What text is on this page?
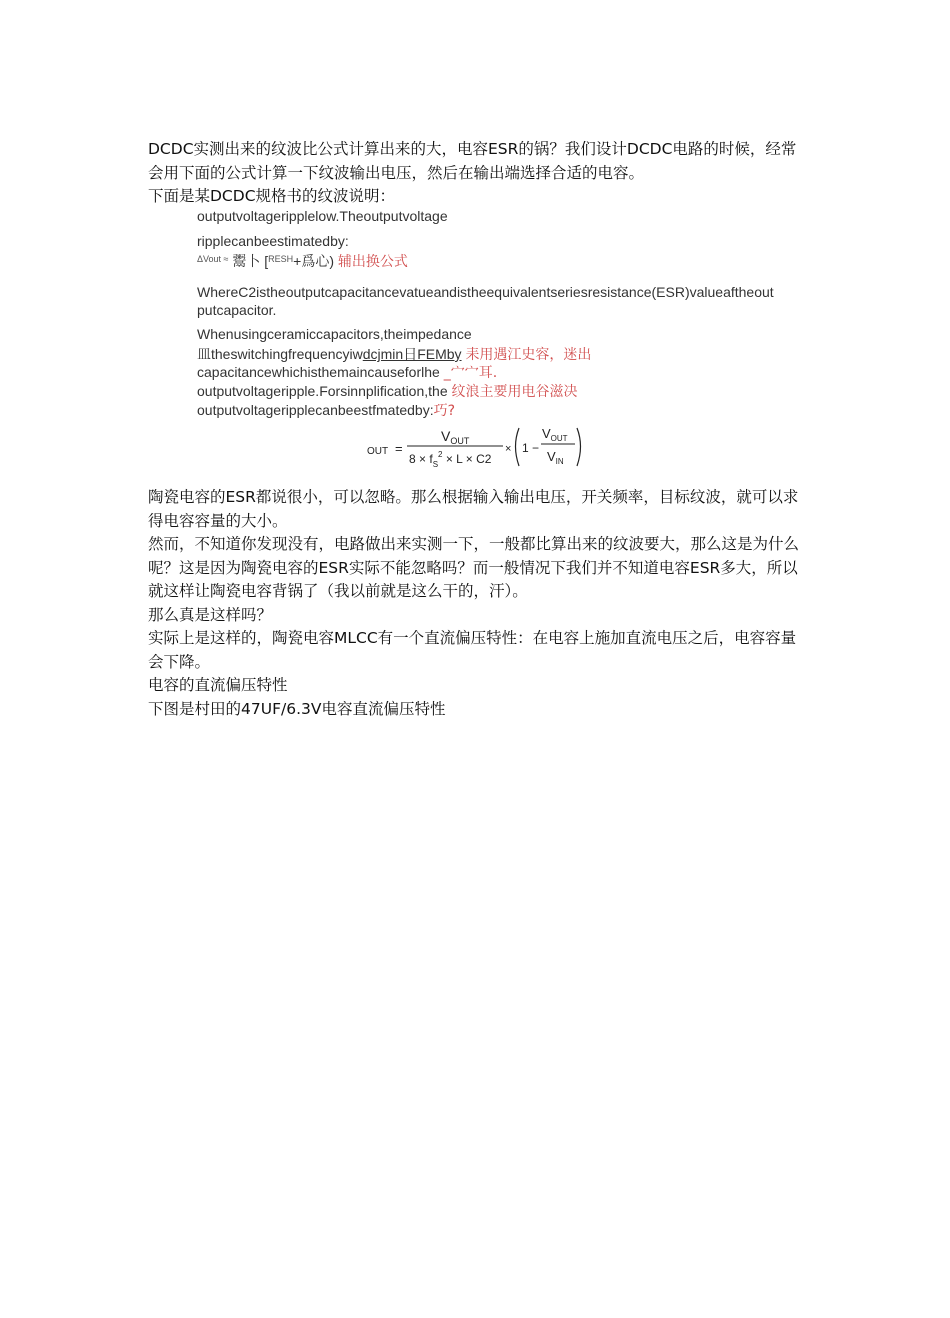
DCDC实测出来的纹波比公式计算出来的大，电容ESR的锅？我们设计DCDC电路的时候，经常会用下面的公式计算一下纹波输出电压，然后在输出端选择合适的电容。

下面是某DCDC规格书的纹波说明：

outputvoltageripplelow.Theoutputvoltage
ripplecanbeestimatedby:
$^{\Delta Vout \approx}$ 鬻卜 [$^{RESH}$+爲心) 辅出换公式
WhereC2istheoutputcapacitancevatueandistheequivalentseriesresistance(ESR)valueaftheout
putcapacitor.
Whenusingceramiccapacitors,theimpedance
皿theswitchingfrequencyiwdcjmin日FEMby 耒用遇江史容，迷出
capacitancewhichisthemaincauseforlhe _宀宀耳.
outputvoltageripple.Forsinnplification,the 纹浪主要用电谷滋决
outputvoltageripplecanbeestfmatedby:巧?
OUT =
$V_{OUT}$
$8 \times f_S^2 \times L \times C2$
× 1 −
$V_{OUT}$
$V_{IN}$

陶瓷电容的ESR都说很小，可以忽略。那么根据输入输出电压，开关频率，目标纹波，就可以求得电容容量的大小。

然而，不知道你发现没有，电路做出来实测一下，一般都比算出来的纹波要大，那么这是为什么呢？这是因为陶瓷电容的ESR实际不能忽略吗？而一般情况下我们并不知道电容ESR多大，所以就这样让陶瓷电容背锅了（我以前就是这么干的，汗）。

那么真是这样吗？

实际上是这样的，陶瓷电容MLCC有一个直流偏压特性：在电容上施加直流电压之后，电容容量会下降。

电容的直流偏压特性

下图是村田的47UF/6.3V电容直流偏压特性
